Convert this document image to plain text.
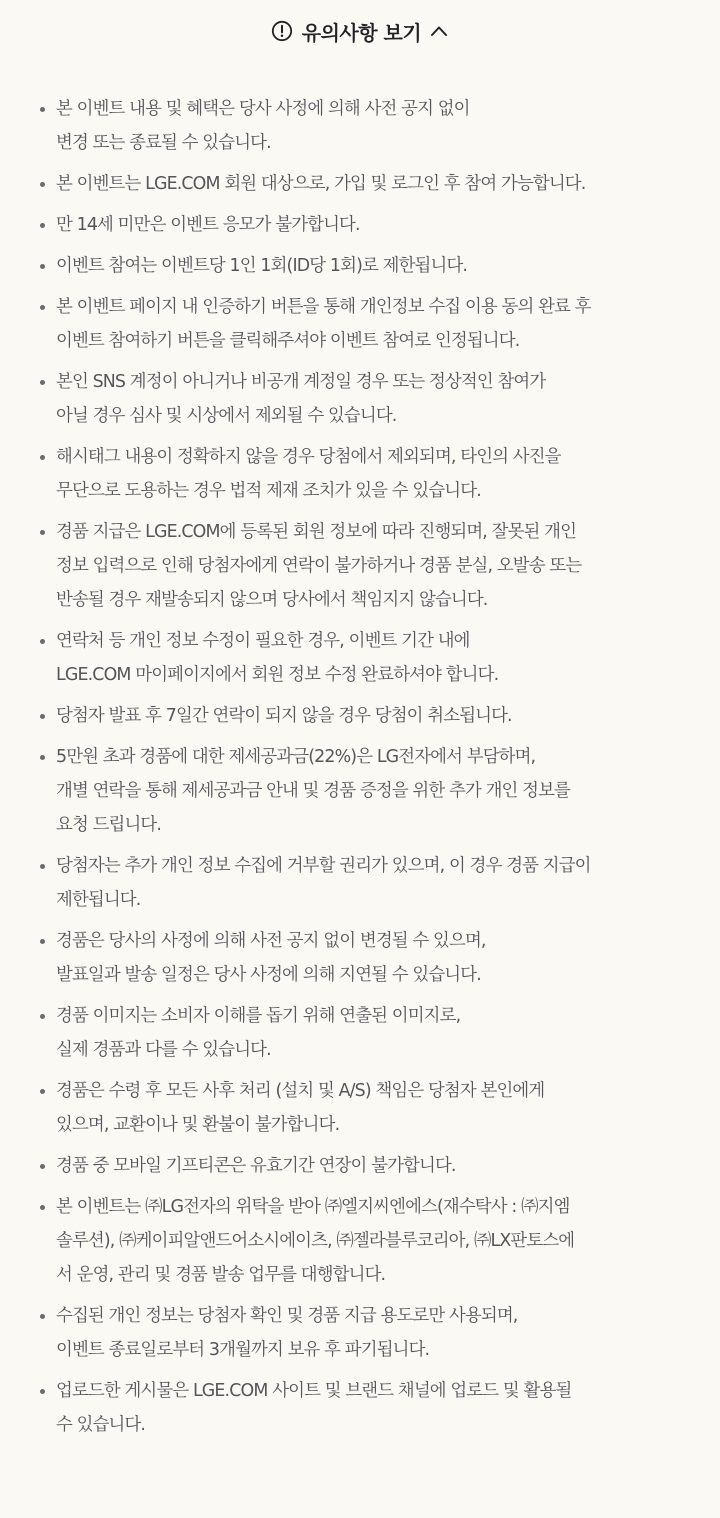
유의사항 보기
본 이벤트 내용 및 혜택은 당사 사정에 의해 사전 공지 없이
변경 또는 종료될 수 있습니다.
본 이벤트는 LGE.COM 회원 대상으로, 가입 및 로그인 후 참여 가능합니다.
만 14세 미만은 이벤트 응모가 불가합니다.
이벤트 참여는 이벤트당 1인 1회(ID당 1회)로 제한됩니다.
본 이벤트 페이지 내 인증하기 버튼을 통해 개인정보 수집 이용 동의 완료 후
이벤트 참여하기 버튼을 클릭해주셔야 이벤트 참여로 인정됩니다.
본인 SNS 계정이 아니거나 비공개 계정일 경우 또는 정상적인 참여가
아닐 경우 심사 및 시상에서 제외될 수 있습니다.
해시태그 내용이 정확하지 않을 경우 당첨에서 제외되며, 타인의 사진을
무단으로 도용하는 경우 법적 제재 조치가 있을 수 있습니다.
경품 지급은 LGE.COM에 등록된 회원 정보에 따라 진행되며, 잘못된 개인
정보 입력으로 인해 당첨자에게 연락이 불가하거나 경품 분실, 오발송 또는
반송될 경우 재발송되지 않으며 당사에서 책임지지 않습니다.
연락처 등 개인 정보 수정이 필요한 경우, 이벤트 기간 내에
LGE.COM 마이페이지에서 회원 정보 수정 완료하셔야 합니다.
당첨자 발표 후 7일간 연락이 되지 않을 경우 당첨이 취소됩니다.
5만원 초과 경품에 대한 제세공과금(22%)은 LG전자에서 부담하며,
개별 연락을 통해 제세공과금 안내 및 경품 증정을 위한 추가 개인 정보를
요청 드립니다.
당첨자는 추가 개인 정보 수집에 거부할 권리가 있으며, 이 경우 경품 지급이
제한됩니다.
경품은 당사의 사정에 의해 사전 공지 없이 변경될 수 있으며,
발표일과 발송 일정은 당사 사정에 의해 지연될 수 있습니다.
경품 이미지는 소비자 이해를 돕기 위해 연출된 이미지로,
실제 경품과 다를 수 있습니다.
경품은 수령 후 모든 사후 처리 (설치 및 A/S) 책임은 당첨자 본인에게
있으며, 교환이나 및 환불이 불가합니다.
경품 중 모바일 기프티콘은 유효기간 연장이 불가합니다.
본 이벤트는 ㈜LG전자의 위탁을 받아 ㈜엘지씨엔에스(재수탁사 : ㈜지엠
솔루션), ㈜케이피알앤드어소시에이츠, ㈜젤라블루코리아, ㈜LX판토스에
서 운영, 관리 및 경품 발송 업무를 대행합니다.
수집된 개인 정보는 당첨자 확인 및 경품 지급 용도로만 사용되며,
이벤트 종료일로부터 3개월까지 보유 후 파기됩니다.
업로드한 게시물은 LGE.COM 사이트 및 브랜드 채널에 업로드 및 활용될
수 있습니다.
